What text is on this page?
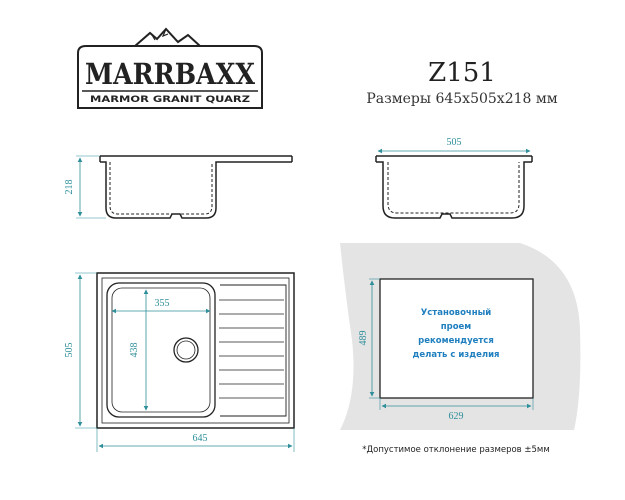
MARRBAXX
MARMOR GRANIT QUARZ
Z151
Размеры 645х505х218 мм
218
505
355
438
505
645
Установочный
проем
рекомендуется
делать с изделия
489
629
*Допустимое отклонение размеров ±5мм
